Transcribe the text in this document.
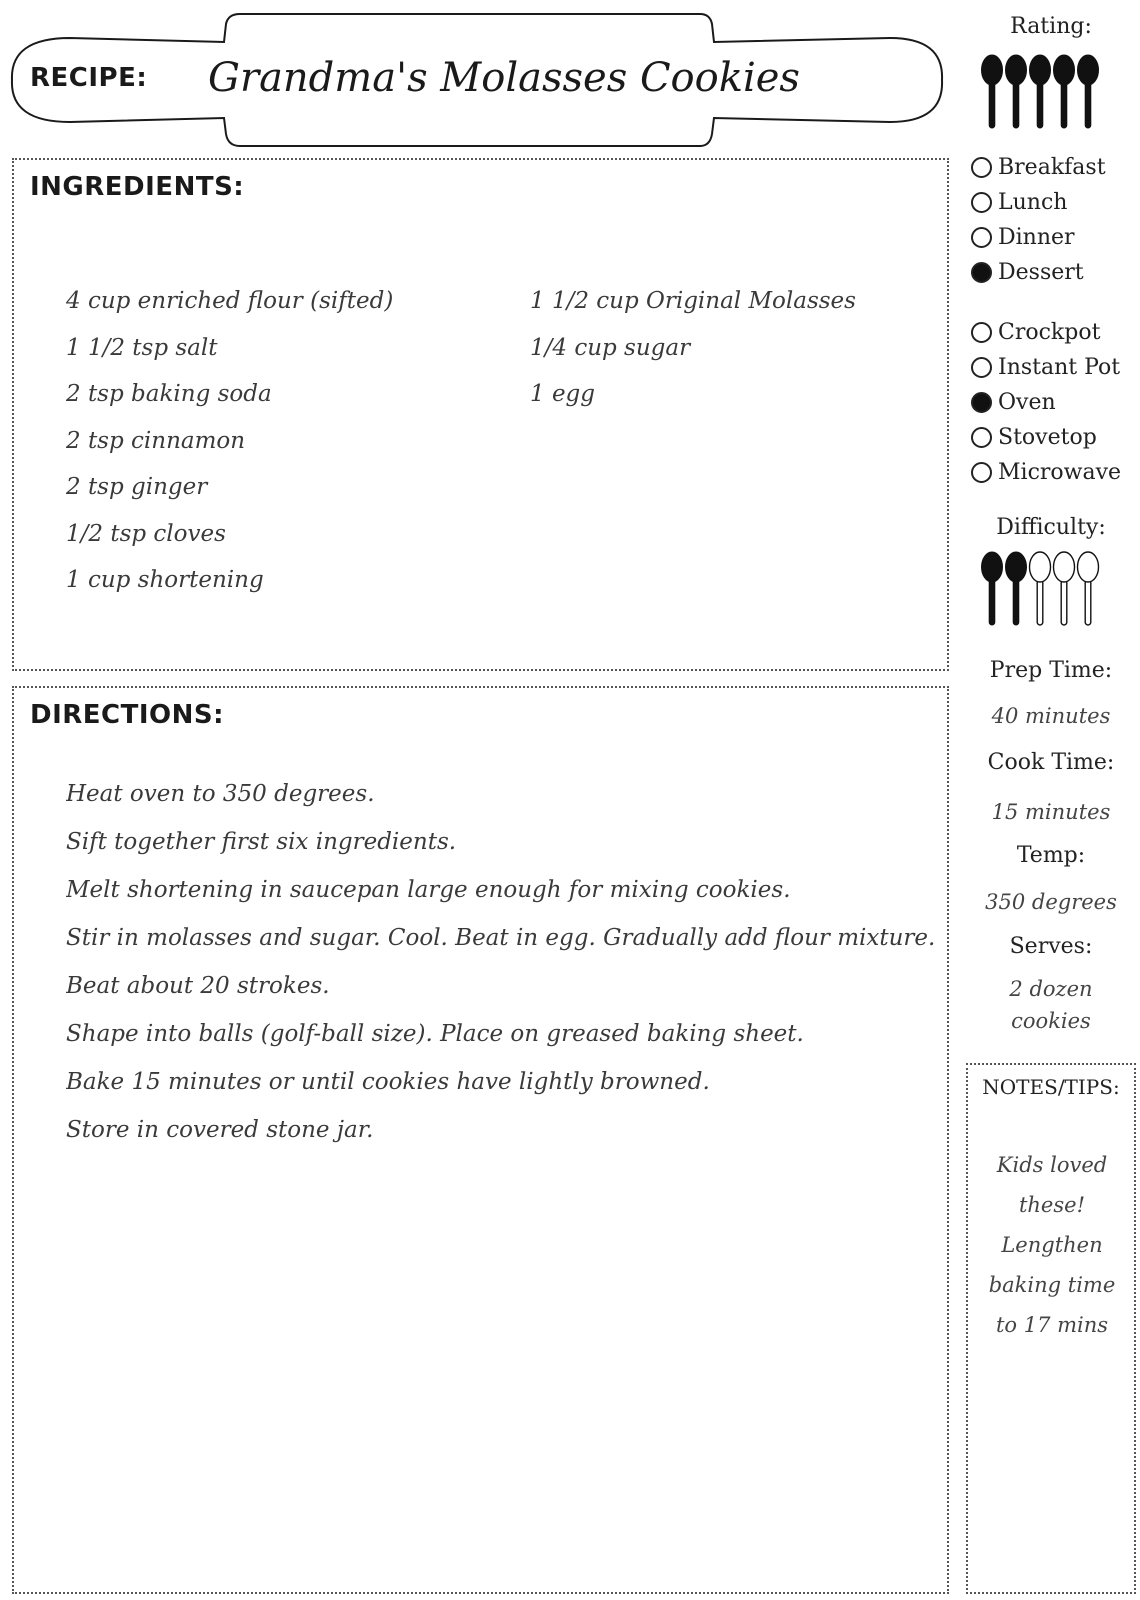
RECIPE:	Grandma's Molasses Cookies
INGREDIENTS:
4 cup enriched flour (sifted)
1 1/2 tsp salt
2 tsp baking soda
2 tsp cinnamon
2 tsp ginger
1/2 tsp cloves
1 cup shortening
1 1/2 cup Original Molasses
1/4 cup sugar
1 egg
DIRECTIONS:
Heat oven to 350 degrees.
Sift together first six ingredients.
Melt shortening in saucepan large enough for mixing cookies.
Stir in molasses and sugar. Cool. Beat in egg. Gradually add flour mixture.
Beat about 20 strokes.
Shape into balls (golf-ball size). Place on greased baking sheet.
Bake 15 minutes or until cookies have lightly browned.
Store in covered stone jar.
Rating:
Breakfast
Lunch
Dinner
Dessert
Crockpot
Instant Pot
Oven
Stovetop
Microwave
Difficulty:
Prep Time:
40 minutes
Cook Time:
15 minutes
Temp:
350 degrees
Serves:
2 dozen
cookies
NOTES/TIPS:
Kids loved
these!
Lengthen
baking time
to 17 mins
